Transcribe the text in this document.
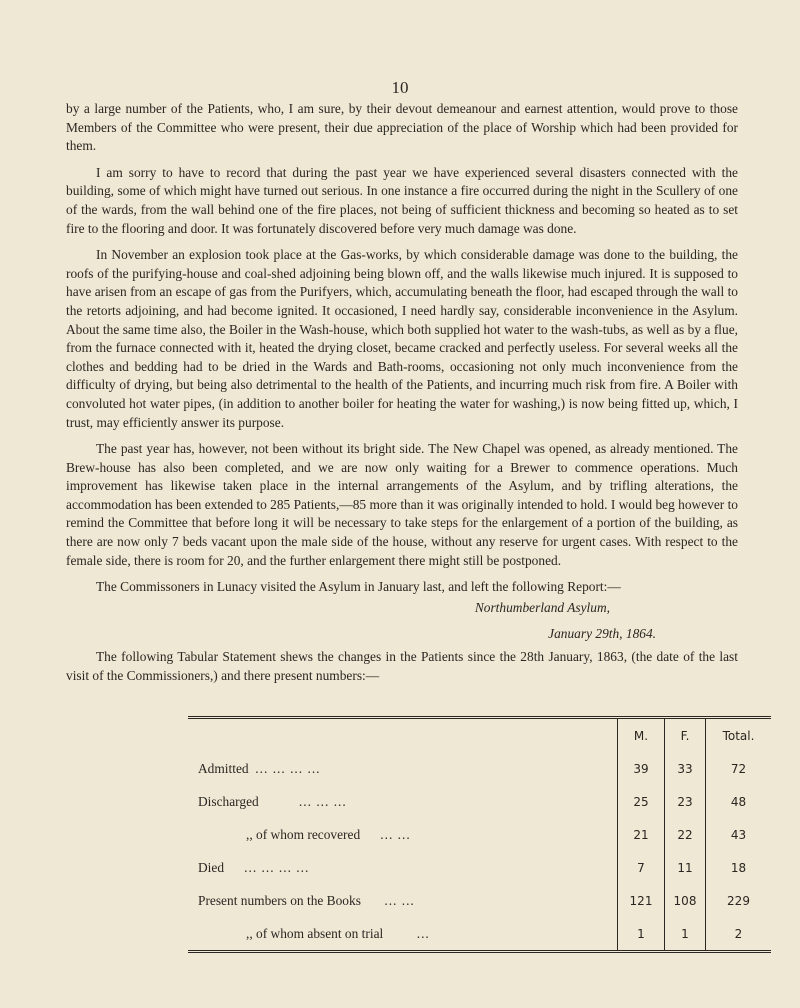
10

by a large number of the Patients, who, I am sure, by their devout demeanour and earnest attention, would prove to those Members of the Committee who were present, their due appreciation of the place of Worship which had been provided for them.

I am sorry to have to record that during the past year we have experienced several disasters connected with the building, some of which might have turned out serious. In one instance a fire occurred during the night in the Scullery of one of the wards, from the wall behind one of the fire places, not being of sufficient thickness and becoming so heated as to set fire to the flooring and door. It was fortunately discovered before very much damage was done.

In November an explosion took place at the Gas-works, by which considerable damage was done to the building, the roofs of the purifying-house and coal-shed adjoining being blown off, and the walls likewise much injured. It is supposed to have arisen from an escape of gas from the Purifyers, which, accumulating beneath the floor, had escaped through the wall to the retorts adjoining, and had become ignited. It occasioned, I need hardly say, considerable inconvenience in the Asylum. About the same time also, the Boiler in the Wash-house, which both supplied hot water to the wash-tubs, as well as by a flue, from the furnace connected with it, heated the drying closet, became cracked and perfectly useless. For several weeks all the clothes and bedding had to be dried in the Wards and Bath-rooms, occasioning not only much inconvenience from the difficulty of drying, but being also detrimental to the health of the Patients, and incurring much risk from fire. A Boiler with convoluted hot water pipes, (in addition to another boiler for heating the water for washing,) is now being fitted up, which, I trust, may efficiently answer its purpose.

The past year has, however, not been without its bright side. The New Chapel was opened, as already mentioned. The Brew-house has also been completed, and we are now only waiting for a Brewer to commence operations. Much improvement has likewise taken place in the internal arrangements of the Asylum, and by trifling alterations, the accommodation has been extended to 285 Patients,—85 more than it was originally intended to hold. I would beg however to remind the Committee that before long it will be necessary to take steps for the enlargement of a portion of the building, as there are now only 7 beds vacant upon the male side of the house, without any reserve for urgent cases. With respect to the female side, there is room for 20, and the further enlargement there might still be postponed.

The Commissoners in Lunacy visited the Asylum in January last, and left the following Report:—

Northumberland Asylum,

January 29th, 1864.

The following Tabular Statement shews the changes in the Patients since the 28th January, 1863, (the date of the last visit of the Commissioners,) and there present numbers:—

	M.	F.	Total.
Admitted ... ... ... ...	39	33	72
Discharged ... ... ...	25	23	48
,, of whom recovered ... ...	21	22	43
Died ... ... ... ...	7	11	18
Present numbers on the Books ... ...	121	108	229
,, of whom absent on trial ...	1	1	2
